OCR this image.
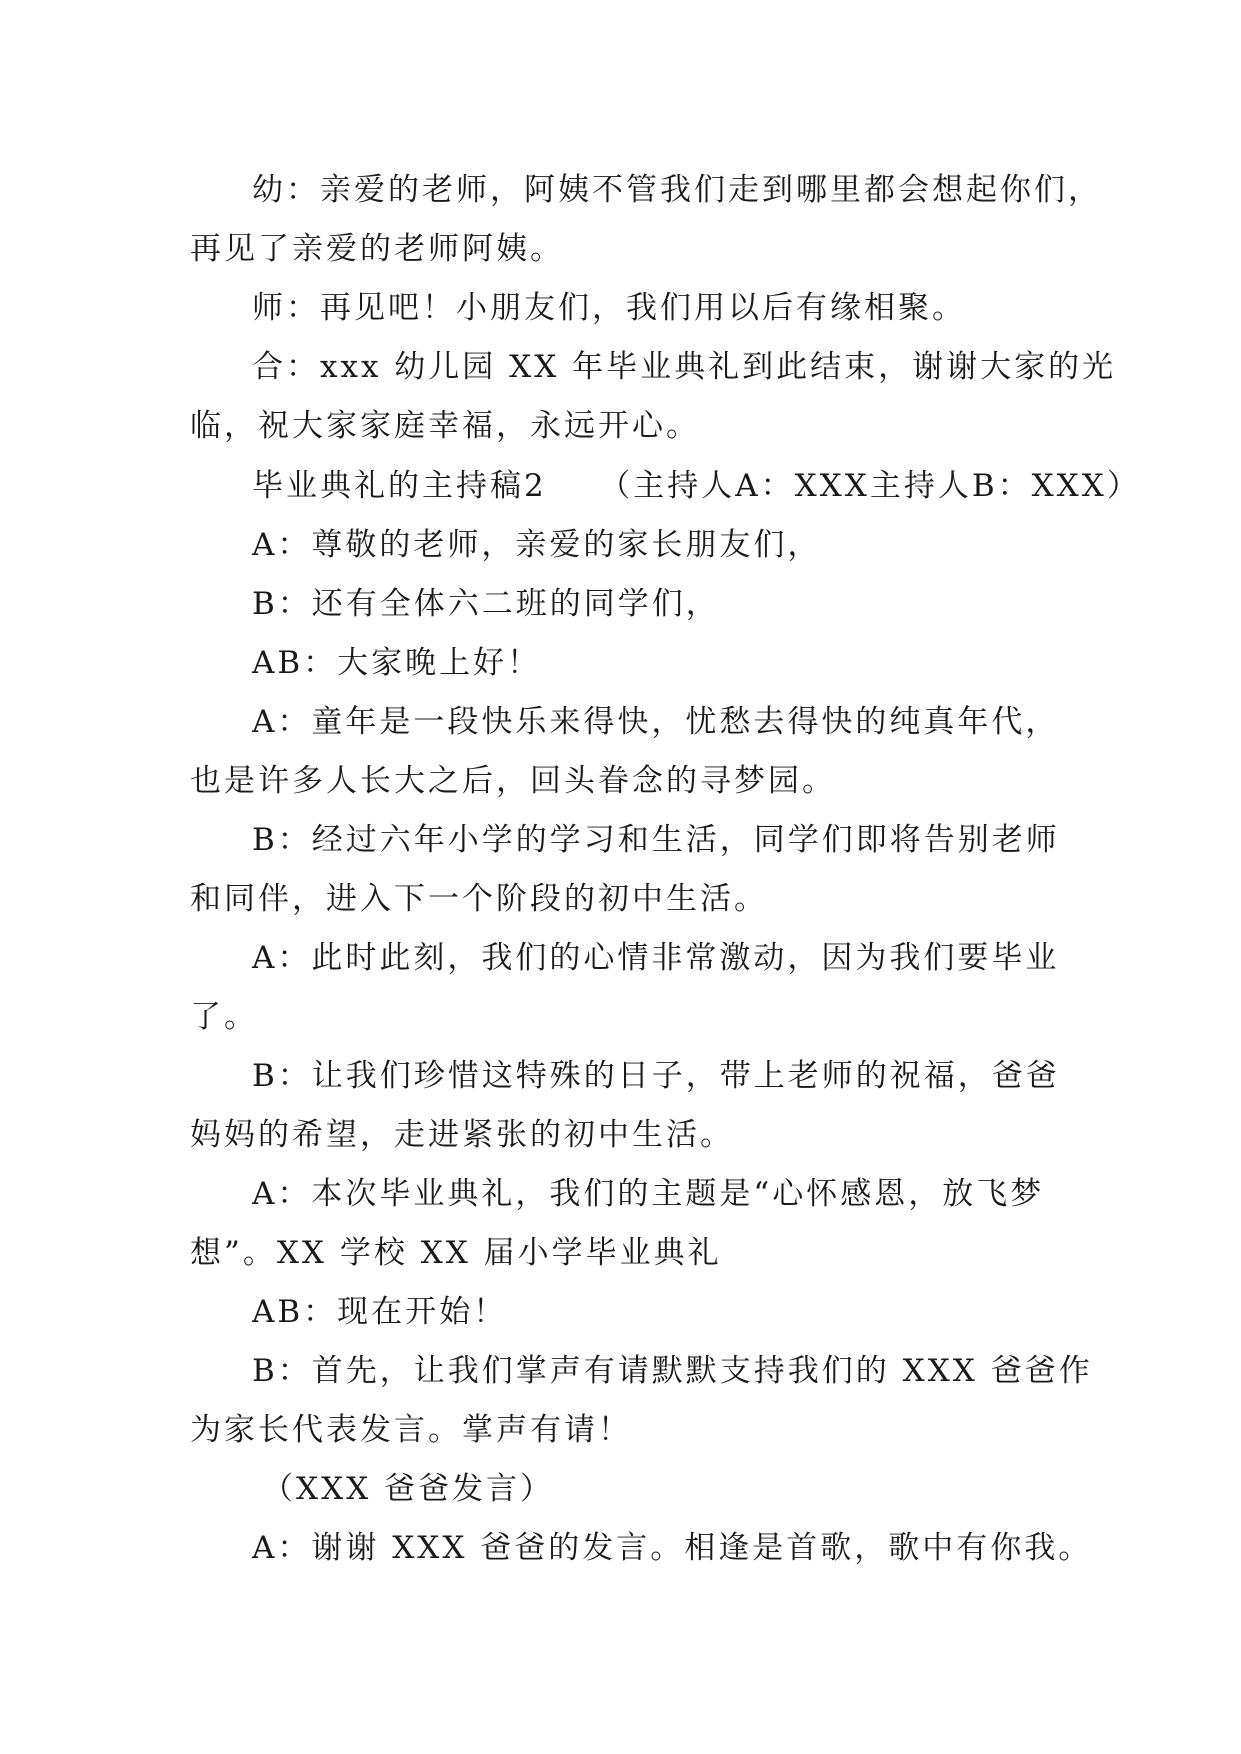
幼：亲爱的老师，阿姨不管我们走到哪里都会想起你们，
再见了亲爱的老师阿姨。
师：再见吧！小朋友们，我们用以后有缘相聚。
合：xxx 幼儿园 XX 年毕业典礼到此结束，谢谢大家的光
临，祝大家家庭幸福，永远开心。
毕业典礼的主持稿2　　（主持人A：XXX主持人B：XXX）
A：尊敬的老师，亲爱的家长朋友们，
B：还有全体六二班的同学们，
AB：大家晚上好！
A：童年是一段快乐来得快，忧愁去得快的纯真年代，
也是许多人长大之后，回头眷念的寻梦园。
B：经过六年小学的学习和生活，同学们即将告别老师
和同伴，进入下一个阶段的初中生活。
A：此时此刻，我们的心情非常激动，因为我们要毕业
了。
B：让我们珍惜这特殊的日子，带上老师的祝福，爸爸
妈妈的希望，走进紧张的初中生活。
A：本次毕业典礼，我们的主题是“心怀感恩，放飞梦
想”。XX 学校 XX 届小学毕业典礼
AB：现在开始！
B：首先，让我们掌声有请默默支持我们的 XXX 爸爸作
为家长代表发言。掌声有请！
（XXX 爸爸发言）
A：谢谢 XXX 爸爸的发言。相逢是首歌，歌中有你我。
